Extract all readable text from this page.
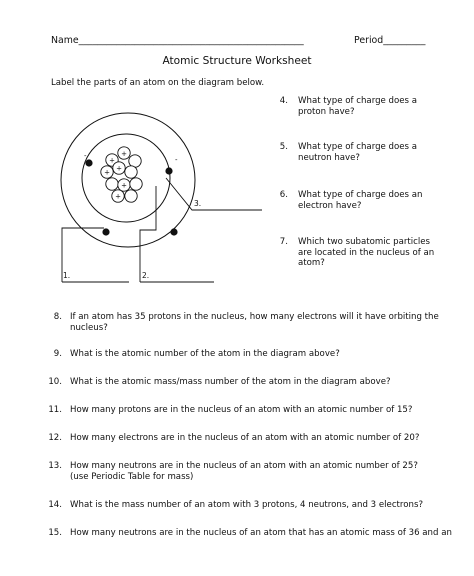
Name________________________________________________	Period_________
Atomic Structure Worksheet
Label the parts of an atom on the diagram below.
+
+
+ +
+
+
-	-
1.	2.
3.
4. What type of charge does a
proton have?
5. What type of charge does a
neutron have?
6. What type of charge does an
electron have?
7. Which two subatomic particles
are located in the nucleus of an
atom?
8. If an atom has 35 protons in the nucleus, how many electrons will it have orbiting the
nucleus?
9. What is the atomic number of the atom in the diagram above?
10. What is the atomic mass/mass number of the atom in the diagram above?
11. How many protons are in the nucleus of an atom with an atomic number of 15?
12. How many electrons are in the nucleus of an atom with an atomic number of 20?
13. How many neutrons are in the nucleus of an atom with an atomic number of 25?
(use Periodic Table for mass)
14. What is the mass number of an atom with 3 protons, 4 neutrons, and 3 electrons?
15. How many neutrons are in the nucleus of an atom that has an atomic mass of 36 and an
